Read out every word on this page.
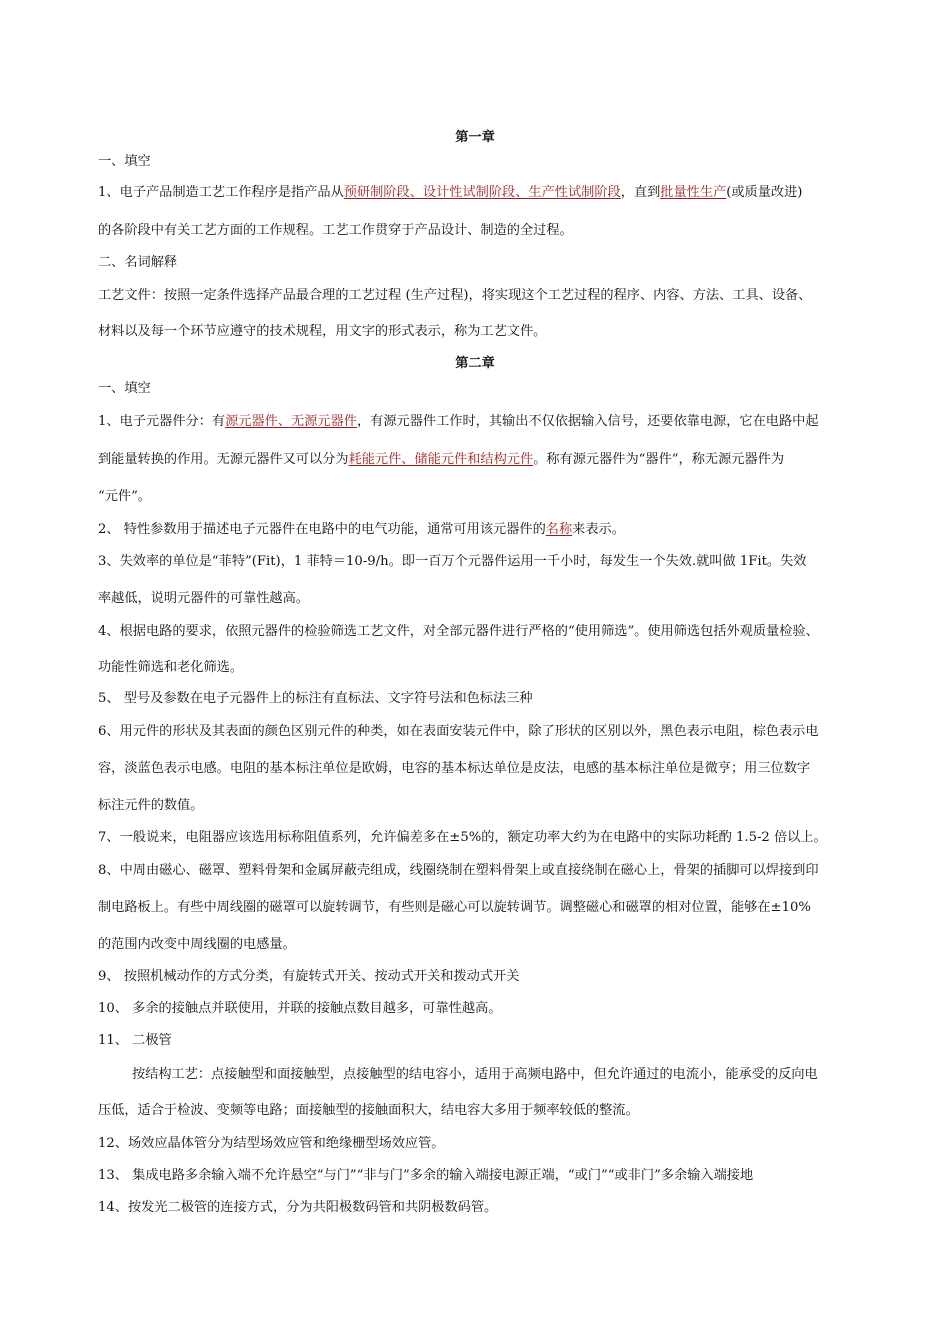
第一章
一、填空
1、电子产品制造工艺工作程序是指产品从预研制阶段、设计性试制阶段、生产性试制阶段，直到批量性生产(或质量改进)
的各阶段中有关工艺方面的工作规程。工艺工作贯穿于产品设计、制造的全过程。
二、名词解释
工艺文件：按照一定条件选择产品最合理的工艺过程 (生产过程)，将实现这个工艺过程的程序、内容、方法、工具、设备、
材料以及每一个环节应遵守的技术规程，用文字的形式表示，称为工艺文件。
第二章
一、填空
1、电子元器件分：有源元器件、无源元器件，有源元器件工作时，其输出不仅依据输入信号，还要依靠电源，它在电路中起
到能量转换的作用。无源元器件又可以分为耗能元件、储能元件和结构元件。称有源元器件为“器件”，称无源元器件为
“元件”。
2、 特性参数用于描述电子元器件在电路中的电气功能，通常可用该元器件的名称来表示。
3、失效率的单位是“菲特”(Fit)，1 菲特＝10-9/h。即一百万个元器件运用一千小时，每发生一个失效.就叫做 1Fit。失效
率越低，说明元器件的可靠性越高。
4、根据电路的要求，依照元器件的检验筛选工艺文件，对全部元器件进行严格的“使用筛选”。使用筛选包括外观质量检验、
功能性筛选和老化筛选。
5、 型号及参数在电子元器件上的标注有直标法、文字符号法和色标法三种
6、用元件的形状及其表面的颜色区别元件的种类，如在表面安装元件中，除了形状的区别以外，黑色表示电阻，棕色表示电
容，淡蓝色表示电感。电阻的基本标注单位是欧姆，电容的基本标达单位是皮法，电感的基本标注单位是微亨；用三位数字
标注元件的数值。
7、一般说来，电阻器应该选用标称阻值系列，允许偏差多在±5%的，额定功率大约为在电路中的实际功耗酌 1.5-2 倍以上。
8、中周由磁心、磁罩、塑料骨架和金属屏蔽壳组成，线圈绕制在塑料骨架上或直接绕制在磁心上，骨架的插脚可以焊接到印
制电路板上。有些中周线圈的磁罩可以旋转调节，有些则是磁心可以旋转调节。调整磁心和磁罩的相对位置，能够在±10%
的范围内改变中周线圈的电感量。
9、 按照机械动作的方式分类，有旋转式开关、按动式开关和拨动式开关
10、 多余的接触点并联使用，并联的接触点数目越多，可靠性越高。
11、 二极管
按结构工艺：点接触型和面接触型，点接触型的结电容小，适用于高频电路中，但允许通过的电流小，能承受的反向电
压低，适合于检波、变频等电路；面接触型的接触面积大，结电容大多用于频率较低的整流。
12、场效应晶体管分为结型场效应管和绝缘栅型场效应管。
13、 集成电路多余输入端不允许悬空“与门”“非与门”多余的输入端接电源正端，“或门”“或非门”多余输入端接地
14、按发光二极管的连接方式，分为共阳极数码管和共阴极数码管。
